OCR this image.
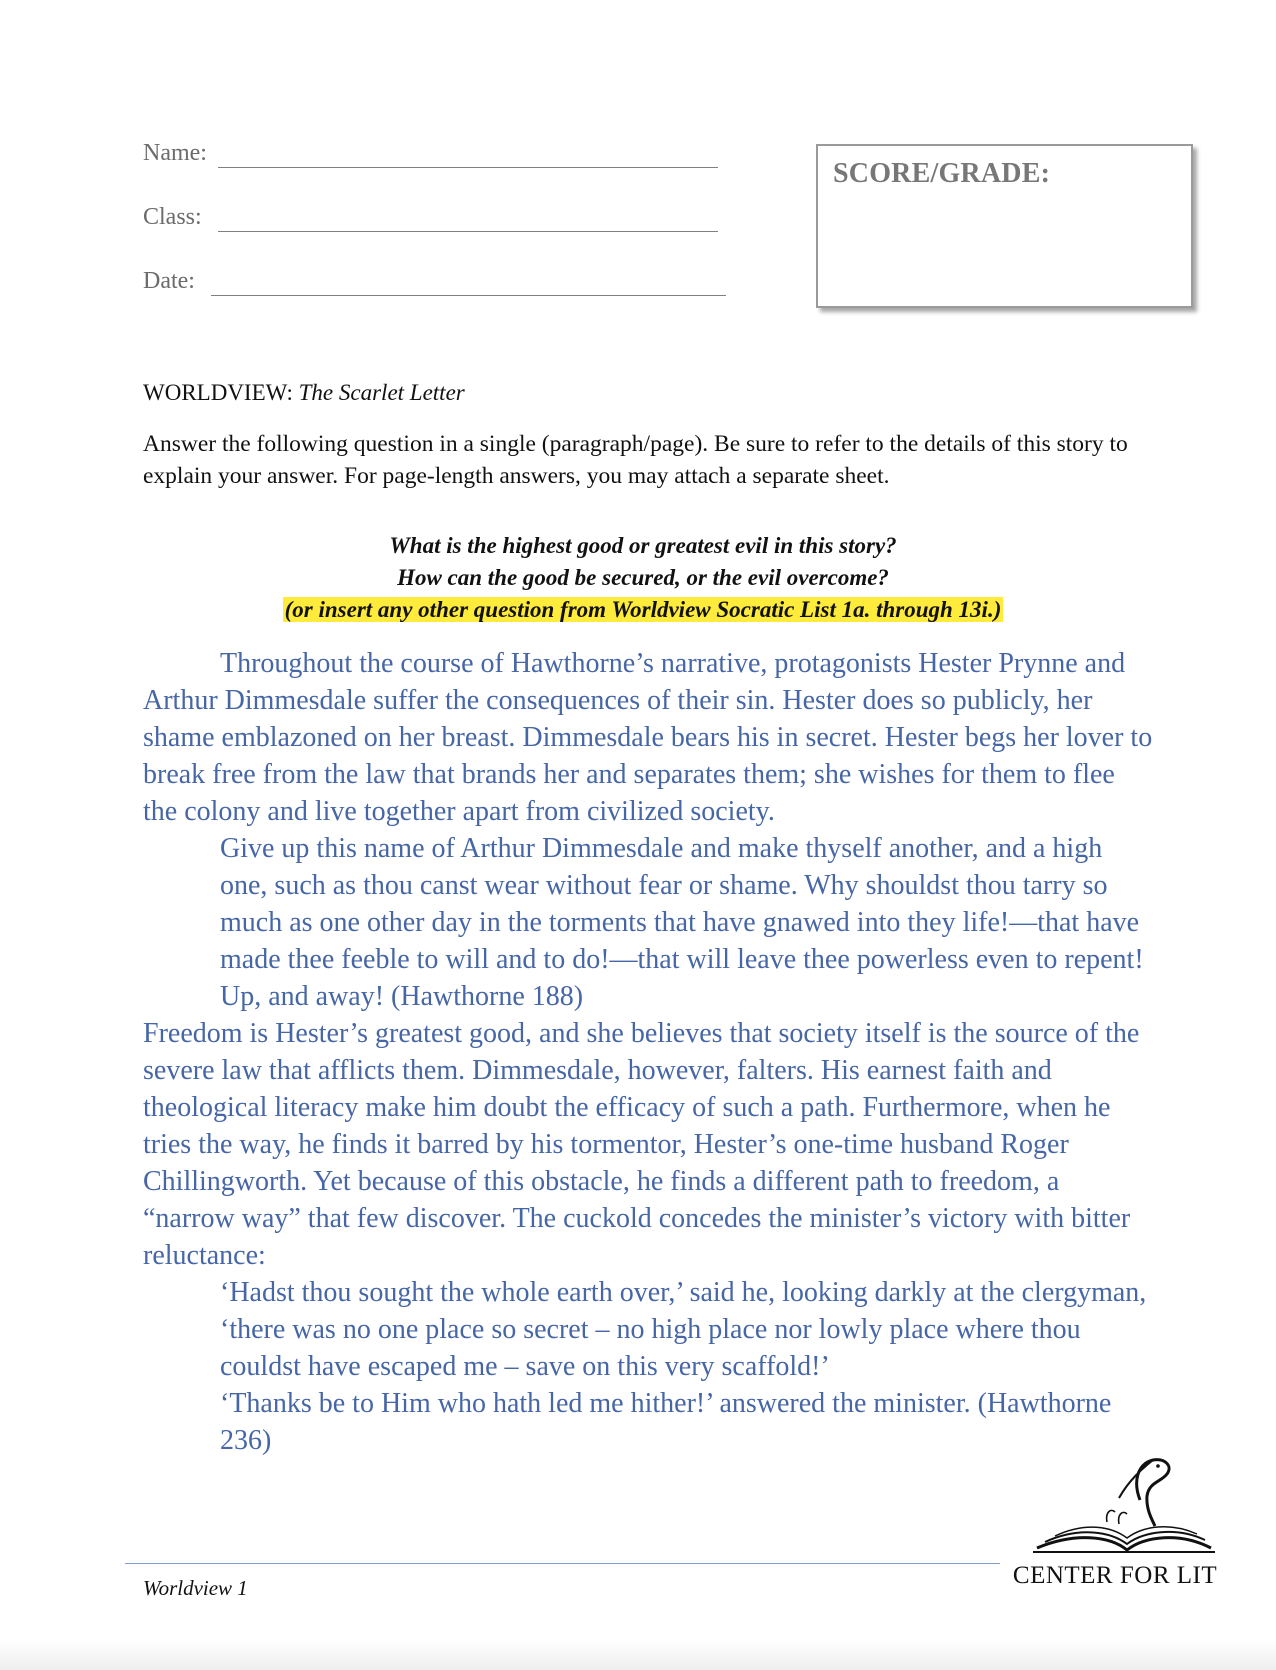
Name:
Class:
Date:
SCORE/GRADE:
WORLDVIEW: The Scarlet Letter
Answer the following question in a single (paragraph/page). Be sure to refer to the details of this story to explain your answer. For page-length answers, you may attach a separate sheet.
What is the highest good or greatest evil in this story?
How can the good be secured, or the evil overcome?
(or insert any other question from Worldview Socratic List 1a. through 13i.)

Throughout the course of Hawthorne’s narrative, protagonists Hester Prynne and Arthur Dimmesdale suffer the consequences of their sin. Hester does so publicly, her shame emblazoned on her breast. Dimmesdale bears his in secret. Hester begs her lover to break free from the law that brands her and separates them; she wishes for them to flee the colony and live together apart from civilized society.

Give up this name of Arthur Dimmesdale and make thyself another, and a high one, such as thou canst wear without fear or shame. Why shouldst thou tarry so much as one other day in the torments that have gnawed into they life!—that have made thee feeble to will and to do!—that will leave thee powerless even to repent! Up, and away! (Hawthorne 188)

Freedom is Hester’s greatest good, and she believes that society itself is the source of the severe law that afflicts them. Dimmesdale, however, falters. His earnest faith and theological literacy make him doubt the efficacy of such a path. Furthermore, when he tries the way, he finds it barred by his tormentor, Hester’s one-time husband Roger Chillingworth. Yet because of this obstacle, he finds a different path to freedom, a “narrow way” that few discover. The cuckold concedes the minister’s victory with bitter reluctance:

‘Hadst thou sought the whole earth over,’ said he, looking darkly at the clergyman, ‘there was no one place so secret – no high place nor lowly place where thou couldst have escaped me – save on this very scaffold!’

‘Thanks be to Him who hath led me hither!’ answered the minister. (Hawthorne 236)

Worldview 1	CENTER FOR LIT
